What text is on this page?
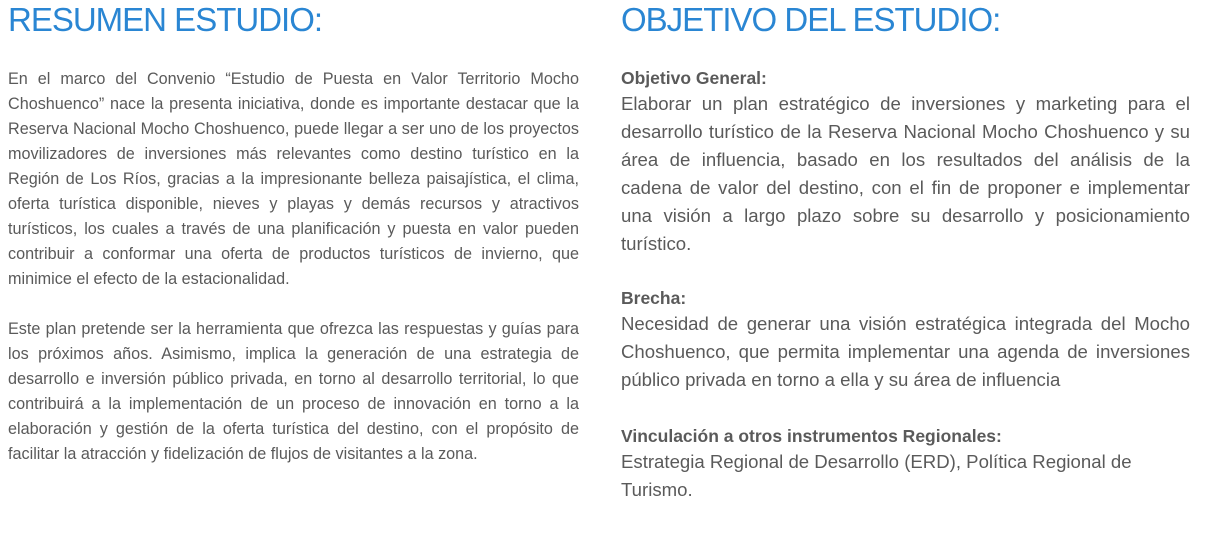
RESUMEN ESTUDIO:

En el marco del Convenio “Estudio de Puesta en Valor Territorio Mocho Choshuenco” nace la presenta iniciativa, donde es importante destacar que la Reserva Nacional Mocho Choshuenco, puede llegar a ser uno de los proyectos movilizadores de inversiones más relevantes como destino turístico en la Región de Los Ríos, gracias a la impresionante belleza paisajística, el clima, oferta turística disponible, nieves y playas y demás recursos y atractivos turísticos, los cuales a través de una planificación y puesta en valor pueden contribuir a conformar una oferta de productos turísticos de invierno, que minimice el efecto de la estacionalidad.

Este plan pretende ser la herramienta que ofrezca las respuestas y guías para los próximos años. Asimismo, implica la generación de una estrategia de desarrollo e inversión público privada, en torno al desarrollo territorial, lo que contribuirá a la implementación de un proceso de innovación en torno a la elaboración y gestión de la oferta turística del destino, con el propósito de facilitar la atracción y fidelización de flujos de visitantes a la zona.

OBJETIVO DEL ESTUDIO:
Objetivo General:

Elaborar un plan estratégico de inversiones y marketing para el desarrollo turístico de la Reserva Nacional Mocho Choshuenco y su área de influencia, basado en los resultados del análisis de la cadena de valor del destino, con el fin de proponer e implementar una visión a largo plazo sobre su desarrollo y posicionamiento turístico.

Brecha:

Necesidad de generar una visión estratégica integrada del Mocho Choshuenco, que permita implementar una agenda de inversiones público privada en torno a ella y su área de influencia

Vinculación a otros instrumentos Regionales:

Estrategia Regional de Desarrollo (ERD), Política Regional de Turismo.
